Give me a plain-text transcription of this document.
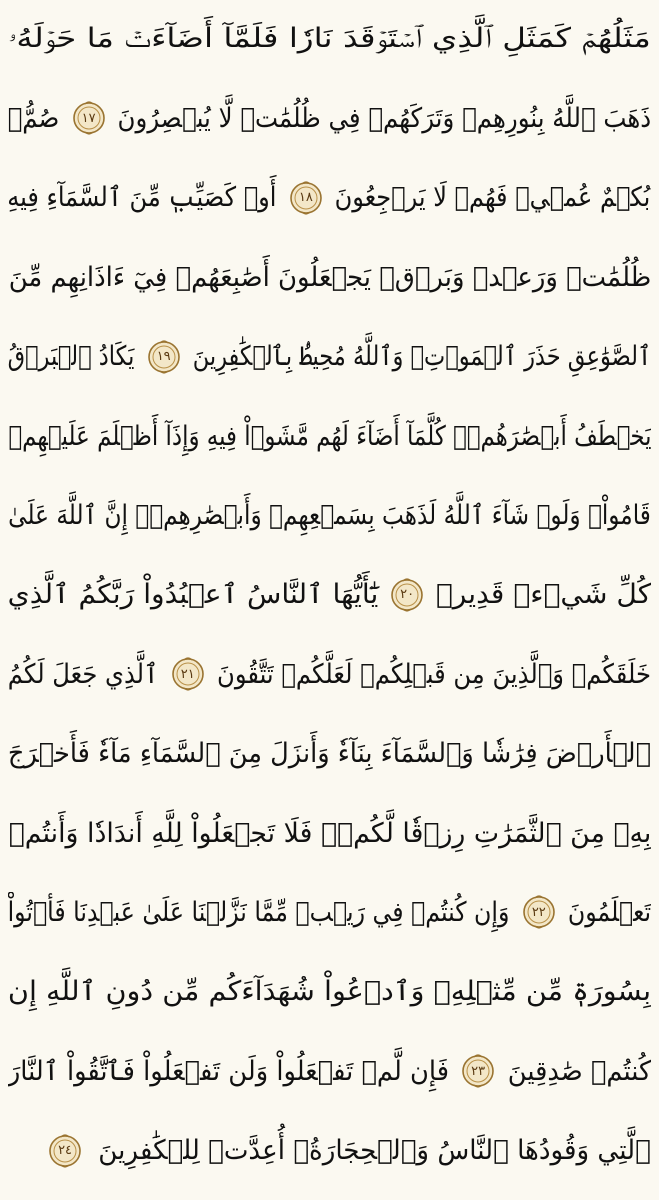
مَثَلُهُمۡ كَمَثَلِ ٱلَّذِي ٱسۡتَوۡقَدَ نَارٗا فَلَمَّآ أَضَآءَتۡ مَا حَوۡلَهُۥ
ذَهَبَ ٱللَّهُ بِنُورِهِمۡ وَتَرَكَهُمۡ فِي ظُلُمَٰتٖ لَّا يُبۡصِرُونَ
١٧
صُمُّۢ
بُكۡمٌ عُمۡيٞ فَهُمۡ لَا يَرۡجِعُونَ
١٨
أَوۡ كَصَيِّبٖ مِّنَ ٱلسَّمَآءِ فِيهِ
ظُلُمَٰتٞ وَرَعۡدٞ وَبَرۡقٞ يَجۡعَلُونَ أَصَٰبِعَهُمۡ فِيٓ ءَاذَانِهِم مِّنَ
ٱلصَّوَٰعِقِ حَذَرَ ٱلۡمَوۡتِۚ وَٱللَّهُ مُحِيطُۢ بِٱلۡكَٰفِرِينَ
١٩
يَكَادُ ٱلۡبَرۡقُ
يَخۡطَفُ أَبۡصَٰرَهُمۡۖ كُلَّمَآ أَضَآءَ لَهُم مَّشَوۡاْ فِيهِ وَإِذَآ أَظۡلَمَ عَلَيۡهِمۡ
قَامُواْۚ وَلَوۡ شَآءَ ٱللَّهُ لَذَهَبَ بِسَمۡعِهِمۡ وَأَبۡصَٰرِهِمۡۚ إِنَّ ٱللَّهَ عَلَىٰ
كُلِّ شَيۡءٖ قَدِيرٞ
٢٠
يَٰٓأَيُّهَا ٱلنَّاسُ ٱعۡبُدُواْ رَبَّكُمُ ٱلَّذِي
خَلَقَكُمۡ وَٱلَّذِينَ مِن قَبۡلِكُمۡ لَعَلَّكُمۡ تَتَّقُونَ
٢١
ٱلَّذِي جَعَلَ لَكُمُ
ٱلۡأَرۡضَ فِرَٰشٗا وَٱلسَّمَآءَ بِنَآءٗ وَأَنزَلَ مِنَ ٱلسَّمَآءِ مَآءٗ فَأَخۡرَجَ
بِهِۦ مِنَ ٱلثَّمَرَٰتِ رِزۡقٗا لَّكُمۡۖ فَلَا تَجۡعَلُواْ لِلَّهِ أَندَادٗا وَأَنتُمۡ
تَعۡلَمُونَ
٢٢
وَإِن كُنتُمۡ فِي رَيۡبٖ مِّمَّا نَزَّلۡنَا عَلَىٰ عَبۡدِنَا فَأۡتُواْ
بِسُورَةٖ مِّن مِّثۡلِهِۦ وَٱدۡعُواْ شُهَدَآءَكُم مِّن دُونِ ٱللَّهِ إِن
كُنتُمۡ صَٰدِقِينَ
٢٣
فَإِن لَّمۡ تَفۡعَلُواْ وَلَن تَفۡعَلُواْ فَٱتَّقُواْ ٱلنَّارَ
ٱلَّتِي وَقُودُهَا ٱلنَّاسُ وَٱلۡحِجَارَةُۖ أُعِدَّتۡ لِلۡكَٰفِرِينَ
٢٤
